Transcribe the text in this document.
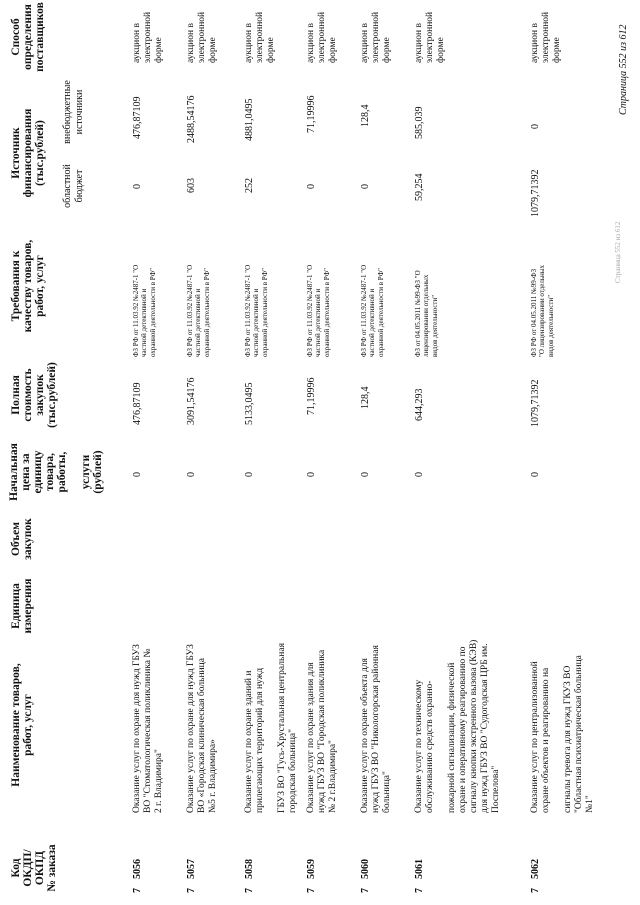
Код
ОКДП/
ОКПД
№ заказа
Наименование товаров,
работ, услуг
Единица
измерения
Объем
закупок
Начальная
цена за
единицу
товара,
работы,

услуги
(рублей)
Полная
стоимость
закупок
(тыс.рублей)
Требования к
качеству товаров,
работ, услуг
Источник
финансирования
(тыс.рублей)
областной
бюджет
внебюджетные
источники
Способ
определения
поставщиков
7
5056
Оказание услуг по охране для нужд ГБУЗ ВО "Стоматологическая поликлиника № 2 г. Владимира"
0
476,87109
ФЗ РФ от 11.03.92 №2487-1 "О частной детективной и охранной деятельности в РФ"
0
476,87109
аукцион в электронной форме
7
5057
Оказание услуг по охране для нужд ГБУЗ ВО «Городская клиническая больница №5 г. Владимира»
0
3091,54176
ФЗ РФ от 11.03.92 №2487-1 "О частной детективной и охранной деятельности в РФ"
603
2488,54176
аукцион в электронной форме
7
5058
Оказание услуг по охране зданий и прилегающих территорий для нужд

ГБУЗ ВО "Гусь-Хрустальная центральная городская больница"
0
5133,0495
ФЗ РФ от 11.03.92 №2487-1 "О частной детективной и охранной деятельности в РФ"
252
4881,0495
аукцион в электронной форме
7
5059
Оказание услуг по охране здания для нужд ГБУЗ ВО "Городская поликлиника № 2 г.Владимира"
0
71,19996
ФЗ РФ от 11.03.92 №2487-1 "О частной детективной и охранной деятельности в РФ"
0
71,19996
аукцион в электронной форме
7
5060
Оказание услуг по охране объекта для нужд ГБУЗ ВО "Никологорская районная больница"
0
128,4
ФЗ РФ от 11.03.92 №2487-1 "О частной детективной и охранной деятельности в РФ"
0
128,4
аукцион в электронной форме
7
5061
Оказание услуг по техническому обслуживанию средств охранно-

пожарной сигнализации, физической охране и оперативному реагированию по сигналу кнопки экстренного вызова (КЭВ) для нужд ГБУЗ ВО "Судогодская ЦРБ им. Поспелова"
0
644,293
ФЗ от 04.05.2011 №99-ФЗ "О лицензировании отдельных видов деятельности"
59,254
585,039
аукцион в электронной форме
7
5062
Оказание услуг по централизованной охране объектов и реагированию на

сигналы тревога для нужд ГКУЗ ВО "Областная психиатрическая больница №1"
0
1079,71392
ФЗ РФ от 04.05.2011 №99-ФЗ "О лицензировании отдельных видов деятельности"
1079,71392
0
аукцион в электронной форме	Страница 552 из 612
Страница 552 из 612
